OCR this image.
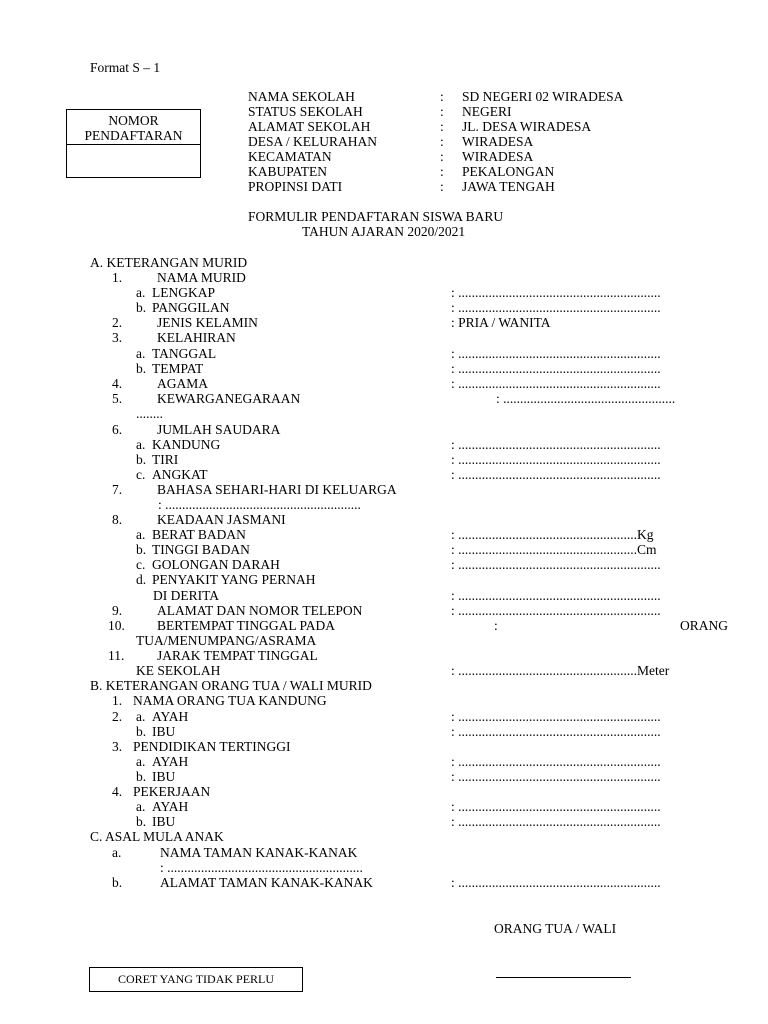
Format S – 1
NOMOR
PENDAFTARAN
NAMA SEKOLAH	: SD NEGERI 02 WIRADESA
STATUS SEKOLAH	: NEGERI
ALAMAT SEKOLAH	: JL. DESA WIRADESA
DESA / KELURAHAN	: WIRADESA
KECAMATAN	: WIRADESA
KABUPATEN	: PEKALONGAN
PROPINSI DATI	: JAWA TENGAH
FORMULIR PENDAFTARAN SISWA BARU
TAHUN AJARAN 2020/2021
A. KETERANGAN MURID
1.	NAMA MURID
a. LENGKAP	: ............................................................
b. PANGGILAN	: ............................................................
2.	JENIS KELAMIN	: PRIA / WANITA
3.	KELAHIRAN
a. TANGGAL	: ............................................................
b. TEMPAT	: ............................................................
4.	AGAMA	: ............................................................
5.	KEWARGANEGARAAN	: ...................................................
........
6.	JUMLAH SAUDARA
a. KANDUNG	: ............................................................
b. TIRI	: ............................................................
c. ANGKAT	: ............................................................
7.	BAHASA SEHARI-HARI DI KELUARGA
: ..........................................................
8.	KEADAAN JASMANI
a. BERAT BADAN	: .....................................................Kg
b. TINGGI BADAN	: .....................................................Cm
c. GOLONGAN DARAH	: ............................................................
d. PENYAKIT YANG PERNAH
DI DERITA	: ............................................................
9.	ALAMAT DAN NOMOR TELEPON	: ............................................................
10. BERTEMPAT TINGGAL PADA	:	ORANG
TUA/MENUMPANG/ASRAMA
11. JARAK TEMPAT TINGGAL
KE SEKOLAH	: .....................................................Meter
B. KETERANGAN ORANG TUA / WALI MURID
1. NAMA ORANG TUA KANDUNG
2. a. AYAH	: ............................................................
b. IBU	: ............................................................
3. PENDIDIKAN TERTINGGI
a. AYAH	: ............................................................
b. IBU	: ............................................................
4. PEKERJAAN
a. AYAH	: ............................................................
b. IBU	: ............................................................
C. ASAL MULA ANAK
a.	NAMA TAMAN KANAK-KANAK
: ..........................................................
b.	ALAMAT TAMAN KANAK-KANAK	: ............................................................
ORANG TUA / WALI
CORET YANG TIDAK PERLU
